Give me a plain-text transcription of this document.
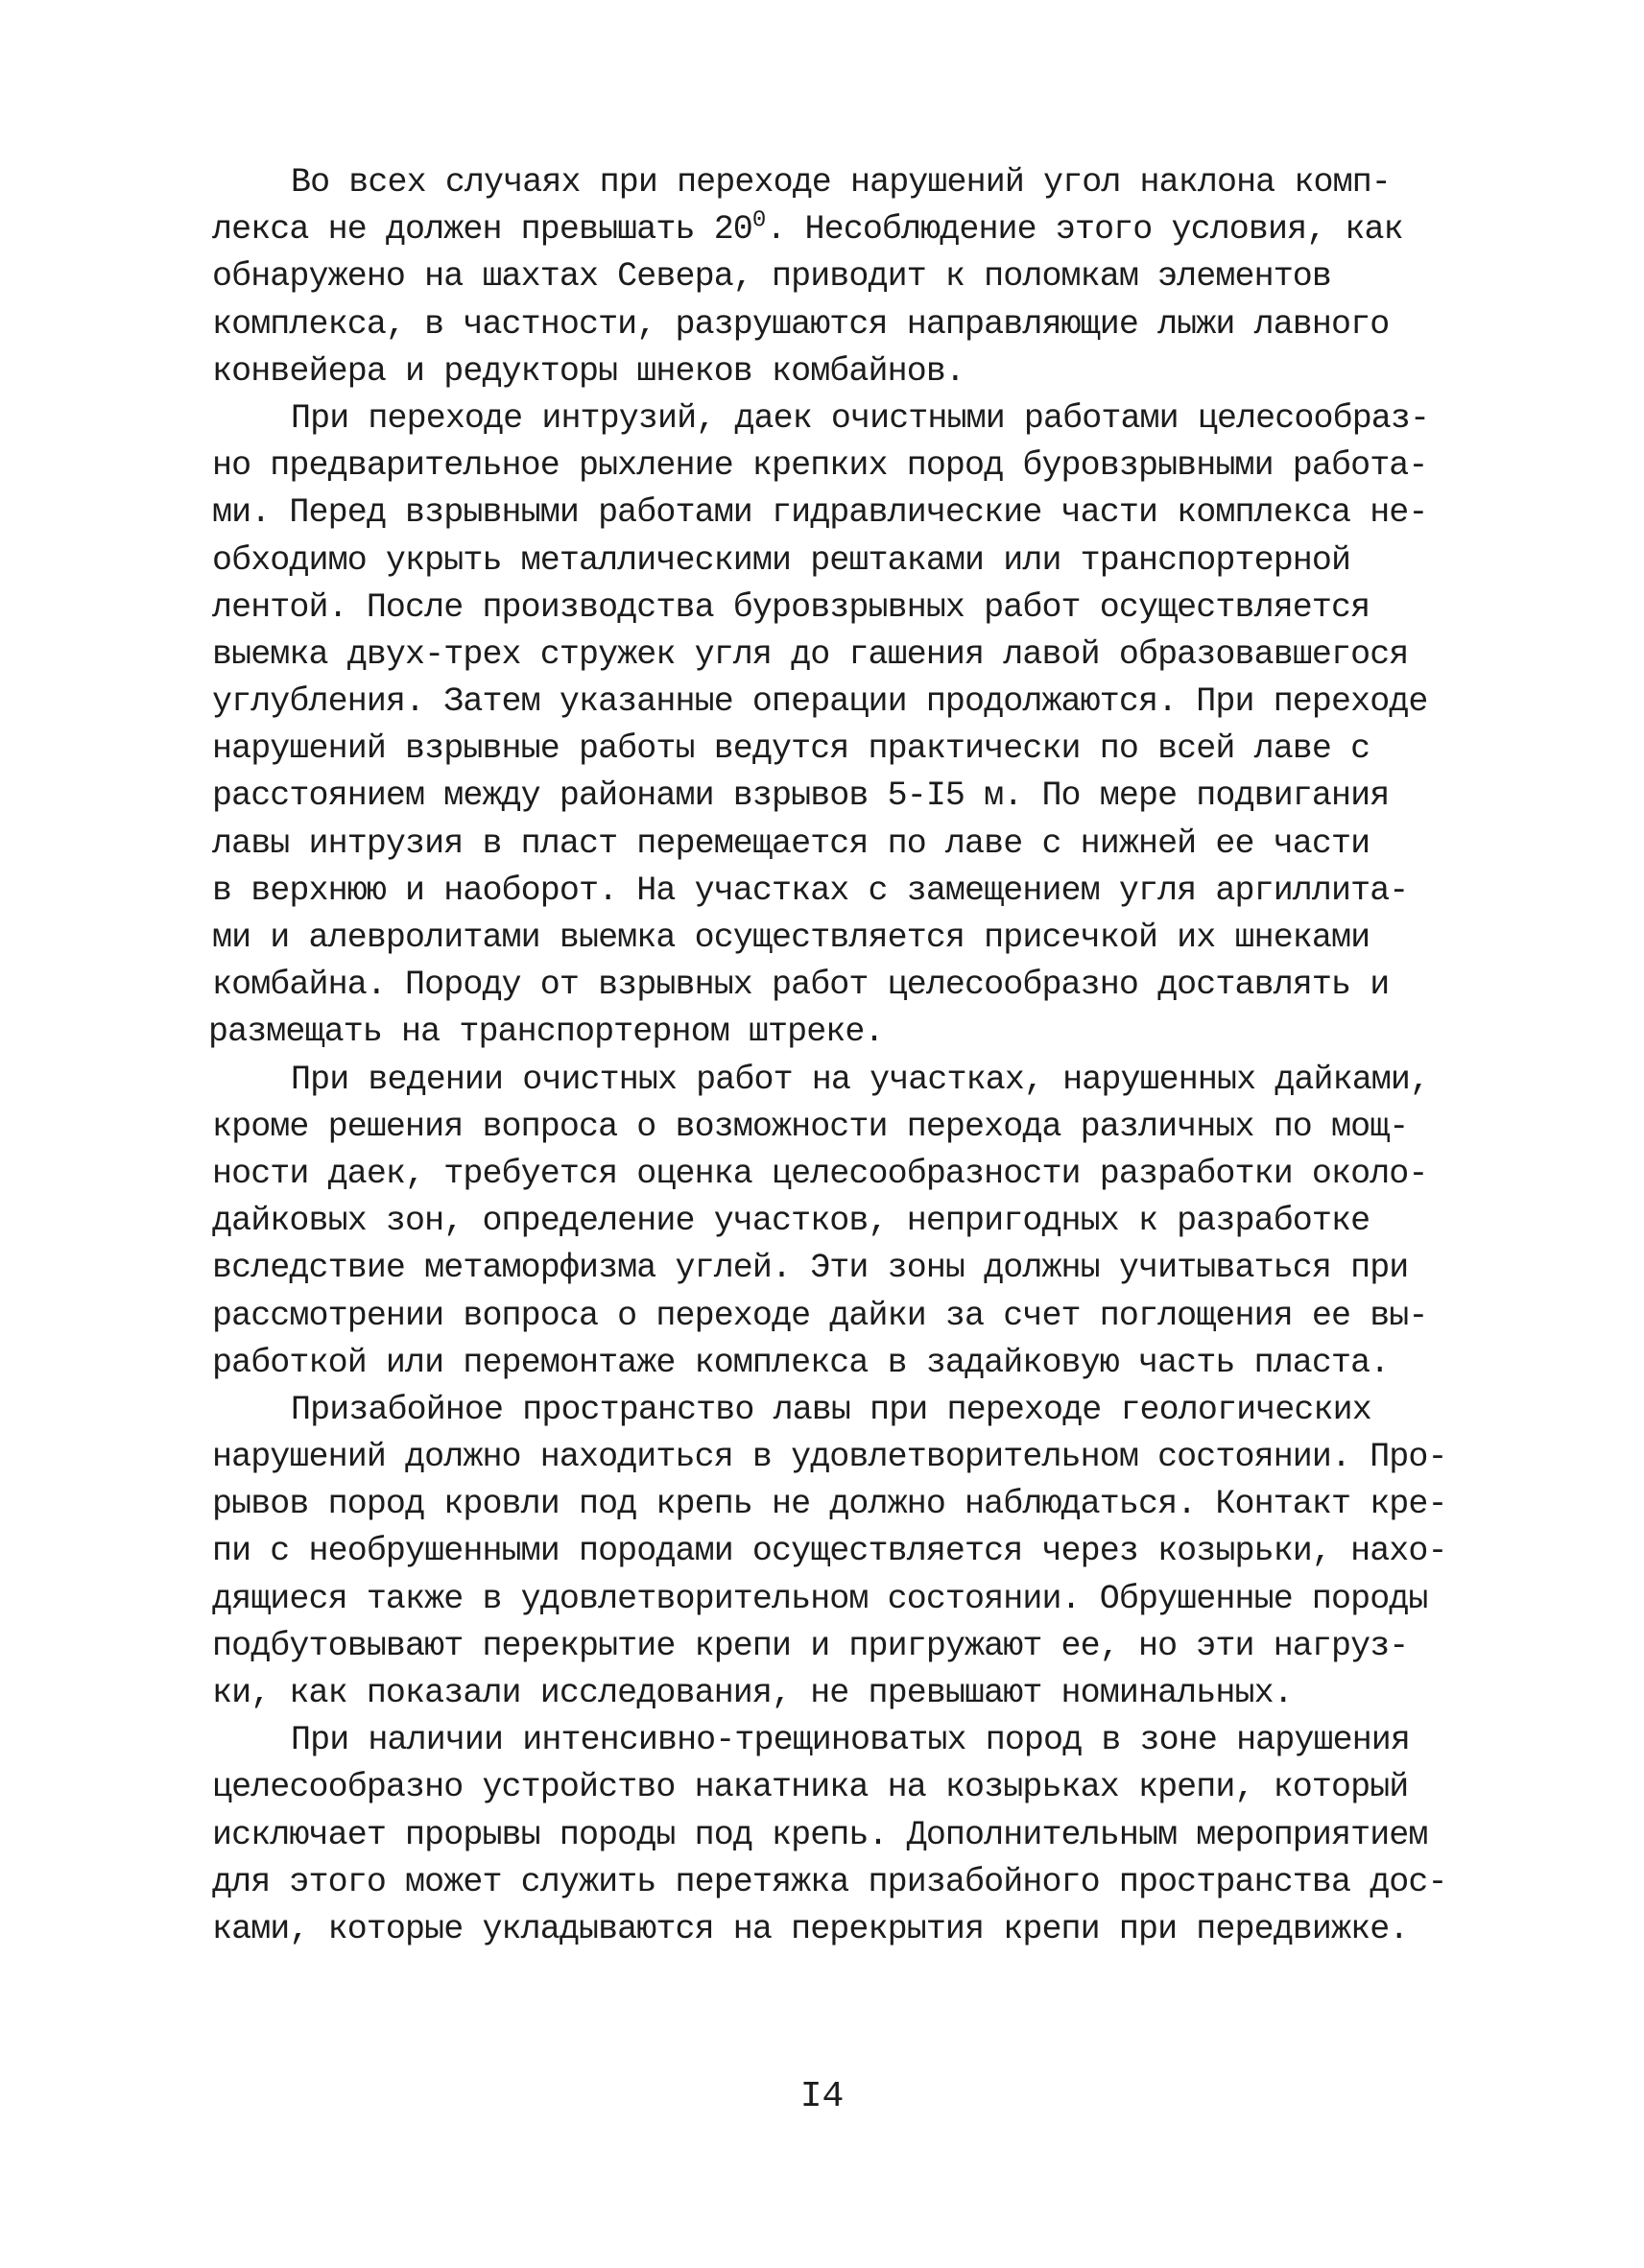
Во всех случаях при переходе нарушений угол наклона комп-
лекса не должен превышать $20^0$. Несоблюдение этого условия, как
обнаружено на шахтах Севера, приводит к поломкам элементов
комплекса, в частности, разрушаются направляющие лыжи лавного
конвейера и редукторы шнеков комбайнов.
При переходе интрузий, даек очистными работами целесообраз-
но предварительное рыхление крепких пород буровзрывными работа-
ми. Перед взрывными работами гидравлические части комплекса не-
обходимо укрыть металлическими рештаками или транспортерной
лентой. После производства буровзрывных работ осуществляется
выемка двух-трех стружек угля до гашения лавой образовавшегося
углубления. Затем указанные операции продолжаются. При переходе
нарушений взрывные работы ведутся практически по всей лаве с
расстоянием между районами взрывов 5-I5 м. По мере подвигания
лавы интрузия в пласт перемещается по лаве с нижней ее части
в верхнюю и наоборот. На участках с замещением угля аргиллита-
ми и алевролитами выемка осуществляется присечкой их шнеками
комбайна. Породу от взрывных работ целесообразно доставлять и
размещать на транспортерном штреке.
При ведении очистных работ на участках, нарушенных дайками,
кроме решения вопроса о возможности перехода различных по мощ-
ности даек, требуется оценка целесообразности разработки около-
дайковых зон, определение участков, непригодных к разработке
вследствие метаморфизма углей. Эти зоны должны учитываться при
рассмотрении вопроса о переходе дайки за счет поглощения ее вы-
работкой или перемонтаже комплекса в задайковую часть пласта.
Призабойное пространство лавы при переходе геологических
нарушений должно находиться в удовлетворительном состоянии. Про-
рывов пород кровли под крепь не должно наблюдаться. Контакт кре-
пи с необрушенными породами осуществляется через козырьки, нахо-
дящиеся также в удовлетворительном состоянии. Обрушенные породы
подбутовывают перекрытие крепи и пригружают ее, но эти нагруз-
ки, как показали исследования, не превышают номинальных.
При наличии интенсивно-трещиноватых пород в зоне нарушения
целесообразно устройство накатника на козырьках крепи, который
исключает прорывы породы под крепь. Дополнительным мероприятием
для этого может служить перетяжка призабойного пространства дос-
ками, которые укладываются на перекрытия крепи при передвижке.
I4
